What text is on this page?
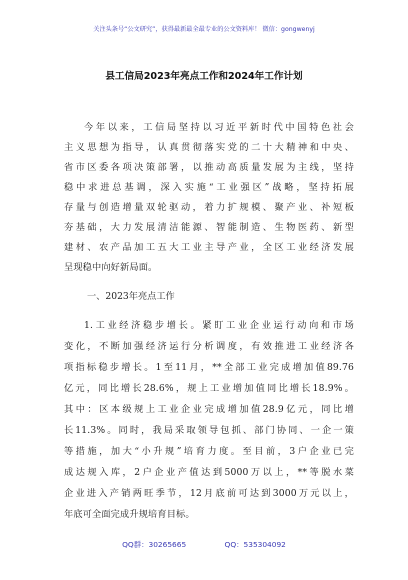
关注头条号“公文研究”，获得最新最全最专业的公文资料库！ 微信：gongwenyj
县工信局2023年亮点工作和2024年工作计划
今年以来，工信局坚持以习近平新时代中国特色社会
主义思想为指导，认真贯彻落实党的二十大精神和中央、
省市区委各项决策部署，以推动高质量发展为主线，坚持
稳中求进总基调，深入实施“工业强区”战略，坚持拓展
存量与创造增量双轮驱动，着力扩规模、聚产业、补短板
夯基础，大力发展清洁能源、智能制造、生物医药、新型
建材、农产品加工五大工业主导产业，全区工业经济发展
呈现稳中向好新局面。
一、2023年亮点工作
1.工业经济稳步增长。紧盯工业企业运行动向和市场
变化，不断加强经济运行分析调度，有效推进工业经济各
项指标稳步增长。1至11月，**全部工业完成增加值89.76
亿元，同比增长28.6%，规上工业增加值同比增长18.9%。
其中：区本级规上工业企业完成增加值28.9亿元，同比增
长11.3%。同时，我局采取领导包抓、部门协同、一企一策
等措施，加大“小升规”培育力度。至目前，3户企业已完
成达规入库，2户企业产值达到5000万以上，**等脱水菜
企业进入产销两旺季节，12月底前可达到3000万元以上，
年底可全面完成升规培育目标。
QQ群：30265665	QQ：535304092
